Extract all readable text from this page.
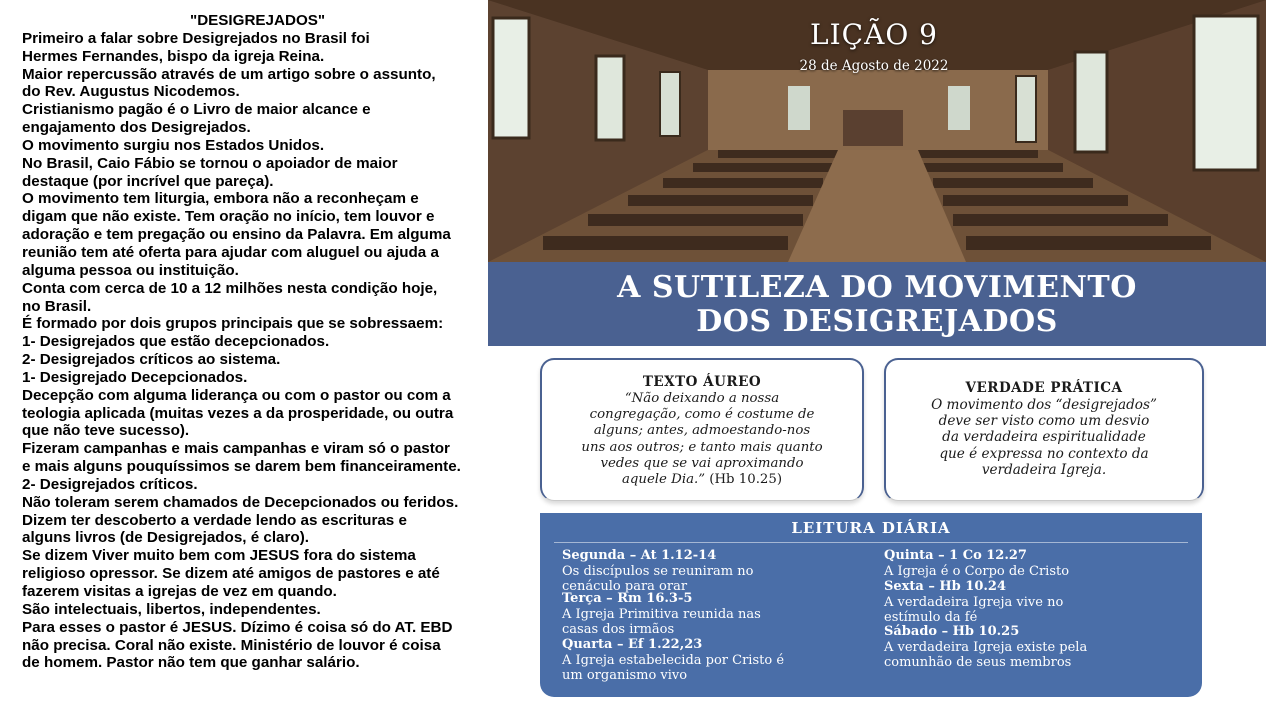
"DESIGREJADOS"
Primeiro a falar sobre Desigrejados no Brasil foi
Hermes Fernandes, bispo da igreja Reina.
Maior repercussão através de um artigo sobre o assunto,
do Rev. Augustus Nicodemos.
Cristianismo pagão é o Livro de maior alcance e
engajamento dos Desigrejados.
O movimento surgiu nos Estados Unidos.
No Brasil, Caio Fábio se tornou o apoiador de maior
destaque (por incrível que pareça).
O movimento tem liturgia, embora não a reconheçam e
digam que não existe. Tem oração no início, tem louvor e
adoração e tem pregação ou ensino da Palavra. Em alguma
reunião tem até oferta para ajudar com aluguel ou ajuda a
alguma pessoa ou instituição.
Conta com cerca de 10 a 12 milhões nesta condição hoje,
no Brasil.
É formado por dois grupos principais que se sobressaem:
1- Desigrejados que estão decepcionados.
2- Desigrejados críticos ao sistema.
1- Desigrejado Decepcionados.
Decepção com alguma liderança ou com o pastor ou com a
teologia aplicada (muitas vezes a da prosperidade, ou outra
que não teve sucesso).
Fizeram campanhas e mais campanhas e viram só o pastor
e mais alguns pouquíssimos se darem bem financeiramente.
2- Desigrejados críticos.
Não toleram serem chamados de Decepcionados ou feridos.
Dizem ter descoberto a verdade lendo as escrituras e
alguns livros (de Desigrejados, é claro).
Se dizem Viver muito bem com JESUS fora do sistema
religioso opressor. Se dizem até amigos de pastores e até
fazerem visitas a igrejas de vez em quando.
São intelectuais, libertos, independentes.
Para esses o pastor é JESUS. Dízimo é coisa só do AT. EBD
não precisa. Coral não existe. Ministério de louvor é coisa
de homem. Pastor não tem que ganhar salário.
LIÇÃO 9
28 de Agosto de 2022
A SUTILEZA DO MOVIMENTO
DOS DESIGREJADOS
TEXTO ÁUREO
“Não deixando a nossa
congregação, como é costume de
alguns; antes, admoestando-nos
uns aos outros; e tanto mais quanto
vedes que se vai aproximando
aquele Dia.” (Hb 10.25)
VERDADE PRÁTICA
O movimento dos “desigrejados”
deve ser visto como um desvio
da verdadeira espiritualidade
que é expressa no contexto da
verdadeira Igreja.
LEITURA DIÁRIA
Segunda – At 1.12-14
Os discípulos se reuniram no
cenáculo para orar
Terça – Rm 16.3-5
A Igreja Primitiva reunida nas
casas dos irmãos
Quarta – Ef 1.22,23
A Igreja estabelecida por Cristo é
um organismo vivo
Quinta – 1 Co 12.27
A Igreja é o Corpo de Cristo
Sexta – Hb 10.24
A verdadeira Igreja vive no
estímulo da fé
Sábado – Hb 10.25
A verdadeira Igreja existe pela
comunhão de seus membros
